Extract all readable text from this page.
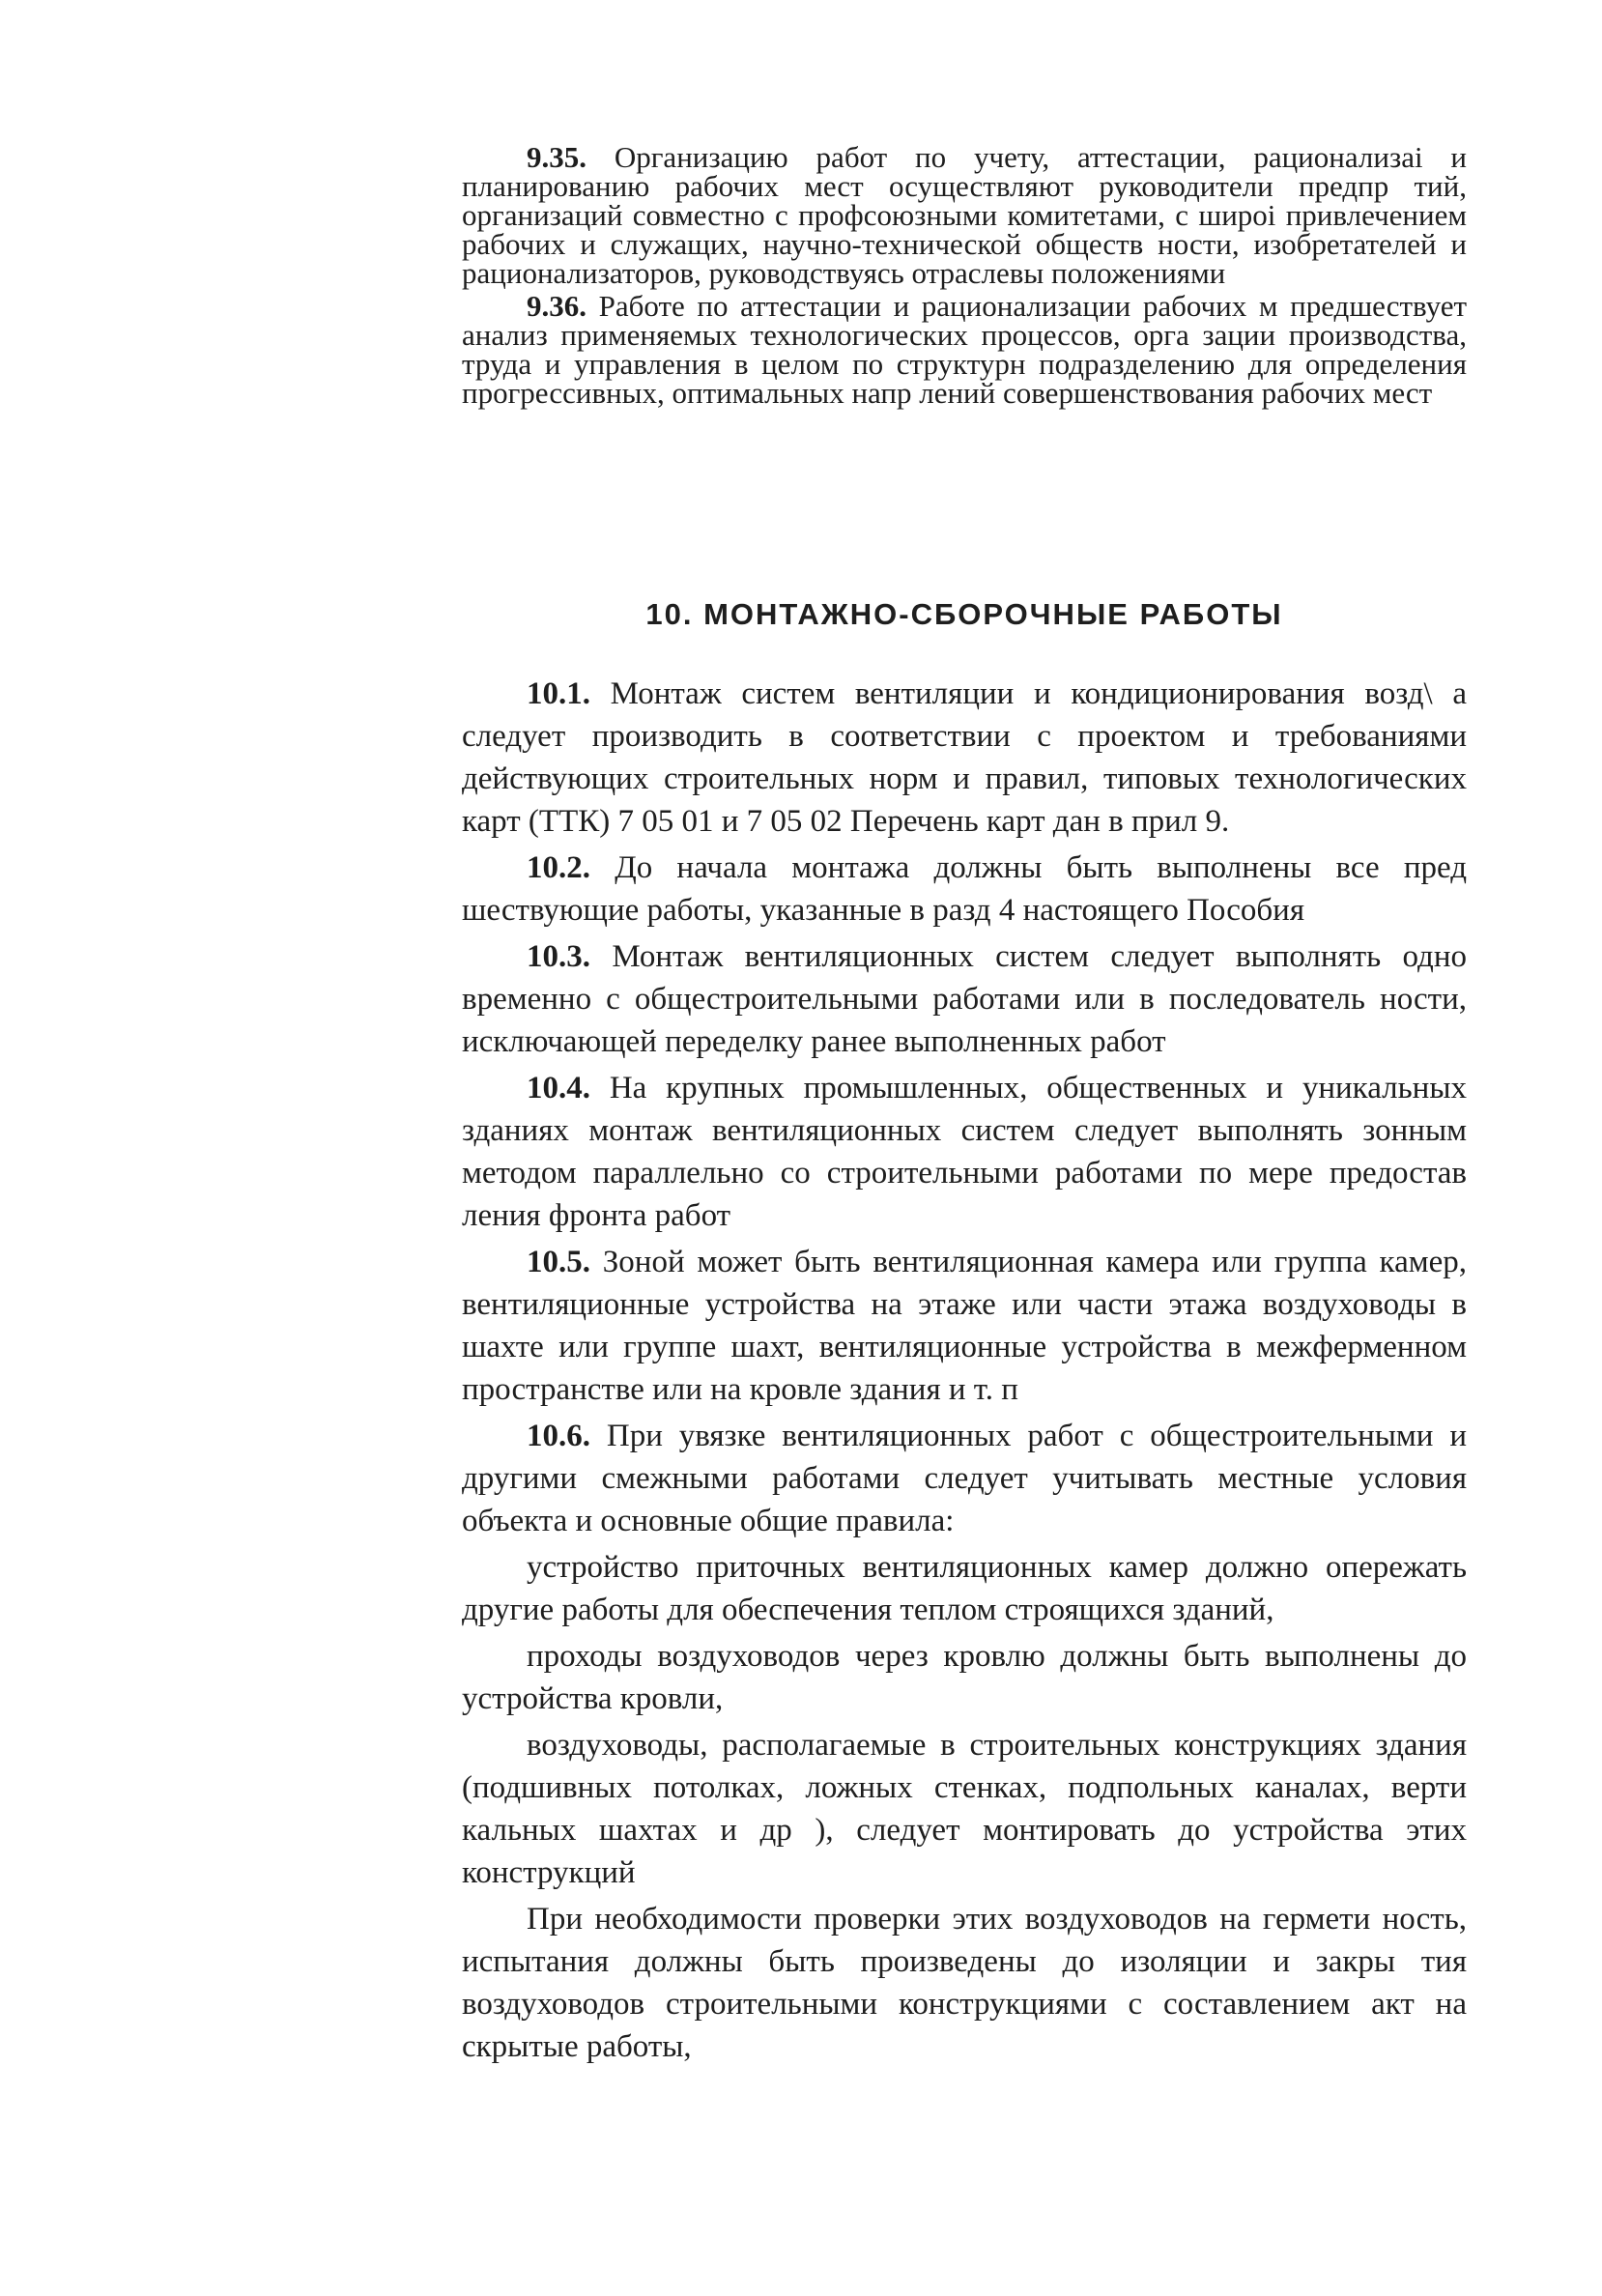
9.35. Организацию работ по учету, аттестации, рационализаі и планированию рабочих мест осуществляют руководители предпр тий, организаций совместно с профсоюзными комитетами, с широі привлечением рабочих и служащих, научно-технической обществ ности, изобретателей и рационализаторов, руководствуясь отраслевы положениями

9.36. Работе по аттестации и рационализации рабочих м предшествует анализ применяемых технологических процессов, орга зации производства, труда и управления в целом по структурн подразделению для определения прогрессивных, оптимальных напр лений совершенствования рабочих мест

10. МОНТАЖНО-СБОРОЧНЫЕ РАБОТЫ

10.1. Монтаж систем вентиляции и кондиционирования возд\ а следует производить в соответствии с проектом и требованиями действующих строительных норм и правил, типовых технологических карт (ТТК) 7 05 01 и 7 05 02 Перечень карт дан в прил 9.

10.2. До начала монтажа должны быть выполнены все пред шествующие работы, указанные в разд 4 настоящего Пособия

10.3. Монтаж вентиляционных систем следует выполнять одно временно с общестроительными работами или в последователь ности, исключающей переделку ранее выполненных работ

10.4. На крупных промышленных, общественных и уникальных зданиях монтаж вентиляционных систем следует выполнять зонным методом параллельно со строительными работами по мере предостав ления фронта работ

10.5. Зоной может быть вентиляционная камера или группа камер, вентиляционные устройства на этаже или части этажа воздуховоды в шахте или группе шахт, вентиляционные устройства в межферменном пространстве или на кровле здания и т. п

10.6. При увязке вентиляционных работ с общестроительными и другими смежными работами следует учитывать местные условия объекта и основные общие правила:

устройство приточных вентиляционных камер должно опережать другие работы для обеспечения теплом строящихся зданий,

проходы воздуховодов через кровлю должны быть выполнены до устройства кровли,

воздуховоды, располагаемые в строительных конструкциях здания (подшивных потолках, ложных стенках, подпольных каналах, верти кальных шахтах и др ), следует монтировать до устройства этих конструкций

При необходимости проверки этих воздуховодов на гермети ность, испытания должны быть произведены до изоляции и закры тия воздуховодов строительными конструкциями с составлением акт на скрытые работы,
